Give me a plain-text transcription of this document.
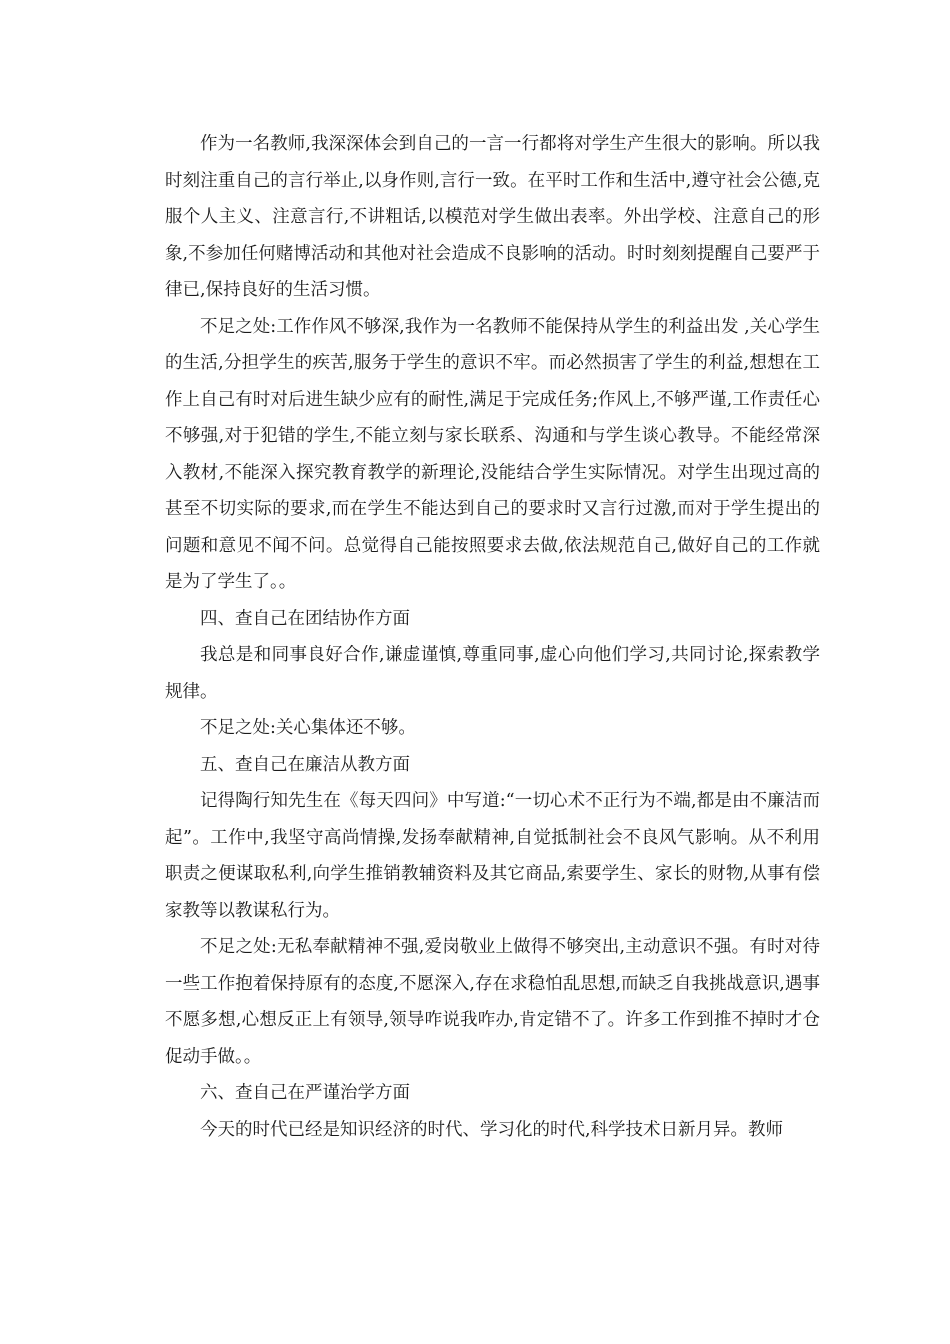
作为一名教师,我深深体会到自己的一言一行都将对学生产生很大的影响。所以我时刻注重自己的言行举止,以身作则,言行一致。在平时工作和生活中,遵守社会公德,克服个人主义、注意言行,不讲粗话,以模范对学生做出表率。外出学校、注意自己的形象,不参加任何赌博活动和其他对社会造成不良影响的活动。时时刻刻提醒自己要严于律已,保持良好的生活习惯。

不足之处:工作作风不够深,我作为一名教师不能保持从学生的利益出发 ,关心学生的生活,分担学生的疾苦,服务于学生的意识不牢。而必然损害了学生的利益,想想在工作上自己有时对后进生缺少应有的耐性,满足于完成任务;作风上,不够严谨,工作责任心不够强,对于犯错的学生,不能立刻与家长联系、沟通和与学生谈心教导。不能经常深入教材,不能深入探究教育教学的新理论,没能结合学生实际情况。对学生出现过高的甚至不切实际的要求,而在学生不能达到自己的要求时又言行过激,而对于学生提出的问题和意见不闻不问。总觉得自己能按照要求去做,依法规范自己,做好自己的工作就是为了学生了。。

四、查自己在团结协作方面

我总是和同事良好合作,谦虚谨慎,尊重同事,虚心向他们学习,共同讨论,探索教学规律。

不足之处:关心集体还不够。

五、查自己在廉洁从教方面

记得陶行知先生在《每天四问》中写道:“一切心术不正行为不端,都是由不廉洁而起”。工作中,我坚守高尚情操,发扬奉献精神,自觉抵制社会不良风气影响。从不利用职责之便谋取私利,向学生推销教辅资料及其它商品,索要学生、家长的财物,从事有偿家教等以教谋私行为。

不足之处:无私奉献精神不强,爱岗敬业上做得不够突出,主动意识不强。有时对待一些工作抱着保持原有的态度,不愿深入,存在求稳怕乱思想,而缺乏自我挑战意识,遇事不愿多想,心想反正上有领导,领导咋说我咋办,肯定错不了。许多工作到推不掉时才仓促动手做。。

六、查自己在严谨治学方面

今天的时代已经是知识经济的时代、学习化的时代,科学技术日新月异。教师
